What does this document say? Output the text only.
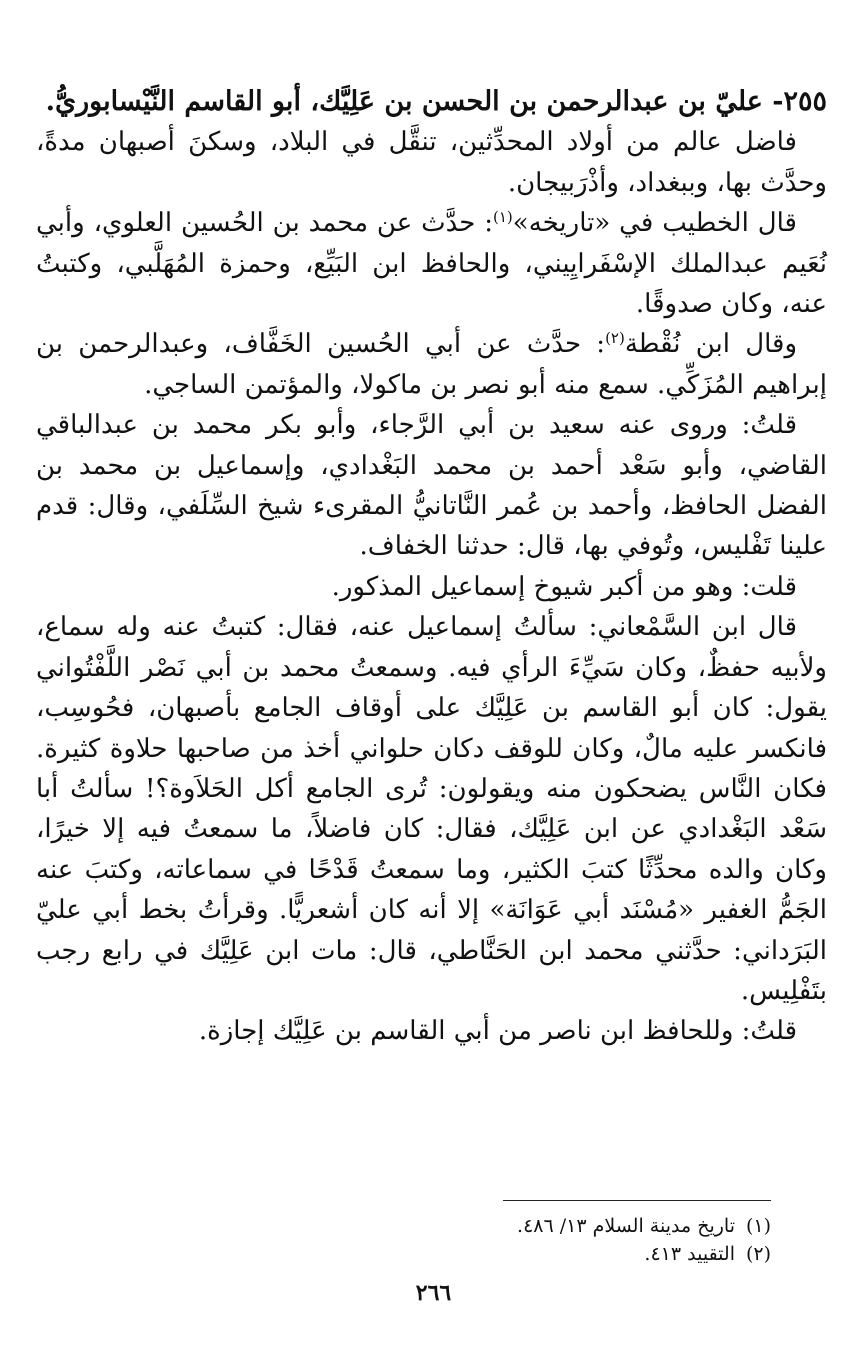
٢٥٥- عليّ بن عبدالرحمن بن الحسن بن عَلِيَّك، أبو القاسم النَّيْسابوريُّ.

فاضل عالم من أولاد المحدِّثين، تنقَّل في البلاد، وسكنَ أصبهان مدةً، وحدَّث بها، وببغداد، وأذْرَبيجان.

قال الخطيب في «تاريخه»$^{(١)}$: حدَّث عن محمد بن الحُسين العلوي، وأبي نُعَيم عبدالملك الإسْفَرايِيني، والحافظ ابن البَيِّع، وحمزة المُهَلَّبي، وكتبتُ عنه، وكان صدوقًا.

وقال ابن نُقْطة$^{(٢)}$: حدَّث عن أبي الحُسين الخَفَّاف، وعبدالرحمن بن إبراهيم المُزَكِّي. سمع منه أبو نصر بن ماكولا، والمؤتمن الساجي.

قلتُ: وروى عنه سعيد بن أبي الرَّجاء، وأبو بكر محمد بن عبدالباقي القاضي، وأبو سَعْد أحمد بن محمد البَغْدادي، وإسماعيل بن محمد بن الفضل الحافظ، وأحمد بن عُمر النَّاتانيُّ المقرىء شيخ السِّلَفي، وقال: قدم علينا تَفْليس، وتُوفي بها، قال: حدثنا الخفاف.

قلت: وهو من أكبر شيوخ إسماعيل المذكور.

قال ابن السَّمْعاني: سألتُ إسماعيل عنه، فقال: كتبتُ عنه وله سماع، ولأبيه حفظٌ، وكان سَيِّءَ الرأي فيه. وسمعتُ محمد بن أبي نَصْر اللَّفْتُواني يقول: كان أبو القاسم بن عَلِيَّك على أوقاف الجامع بأصبهان، فحُوسِب، فانكسر عليه مالٌ، وكان للوقف دكان حلواني أخذ من صاحبها حلاوة كثيرة. فكان النَّاس يضحكون منه ويقولون: تُرى الجامع أكل الحَلاَوة؟! سألتُ أبا سَعْد البَغْدادي عن ابن عَلِيَّك، فقال: كان فاضلاً، ما سمعتُ فيه إلا خيرًا، وكان والده محدِّثًا كتبَ الكثير، وما سمعتُ قَدْحًا في سماعاته، وكتبَ عنه الجَمُّ الغفير «مُسْنَد أبي عَوَانَة» إلا أنه كان أشعريًّا. وقرأتُ بخط أبي عليّ البَرَداني: حدَّثني محمد ابن الحَنَّاطي، قال: مات ابن عَلِيَّك في رابع رجب بتَفْلِيس.

قلتُ: وللحافظ ابن ناصر من أبي القاسم بن عَلِيَّك إجازة.

(١)تاريخ مدينة السلام ١٣/ ٤٨٦.

(٢)التقييد ٤١٣.

٢٦٦
